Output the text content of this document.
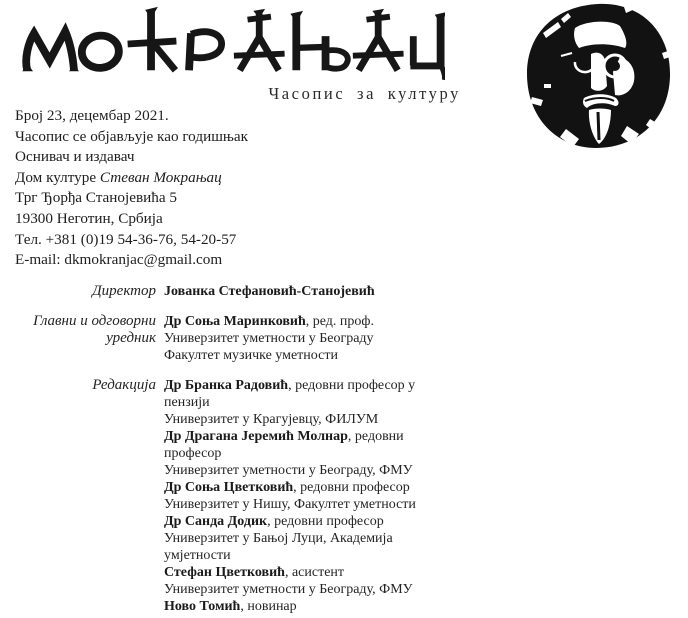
Часопис за културу
Број 23, децембар 2021.
Часопис се објављује као годишњак
Оснивач и издавач
Дом културе Стеван Мокрањац
Трг Ђорђа Станојевића 5
19300 Неготин, Србија
Тел. +381 (0)19 54-36-76, 54-20-57
E-mail: dkmokranjac@gmail.com
Директор Јованка Стефановић-Станојевић
Главни и одговорни уредник
Др Соња Маринковић, ред. проф.
Универзитет уметности у Београду
Факултет музичке уметности
Редакција Др Бранка Радовић, редовни професор у пензији
Универзитет у Крагујевцу, ФИЛУМ
Др Драгана Јеремић Молнар, редовни професор
Универзитет уметности у Београду, ФМУ
Др Соња Цветковић, редовни професор
Универзитет у Нишу, Факултет уметности
Др Санда Додик, редовни професор
Универзитет у Бањој Луци, Академија умјетности
Стефан Цветковић, асистент
Универзитет уметности у Београду, ФМУ
Ново Томић, новинар
